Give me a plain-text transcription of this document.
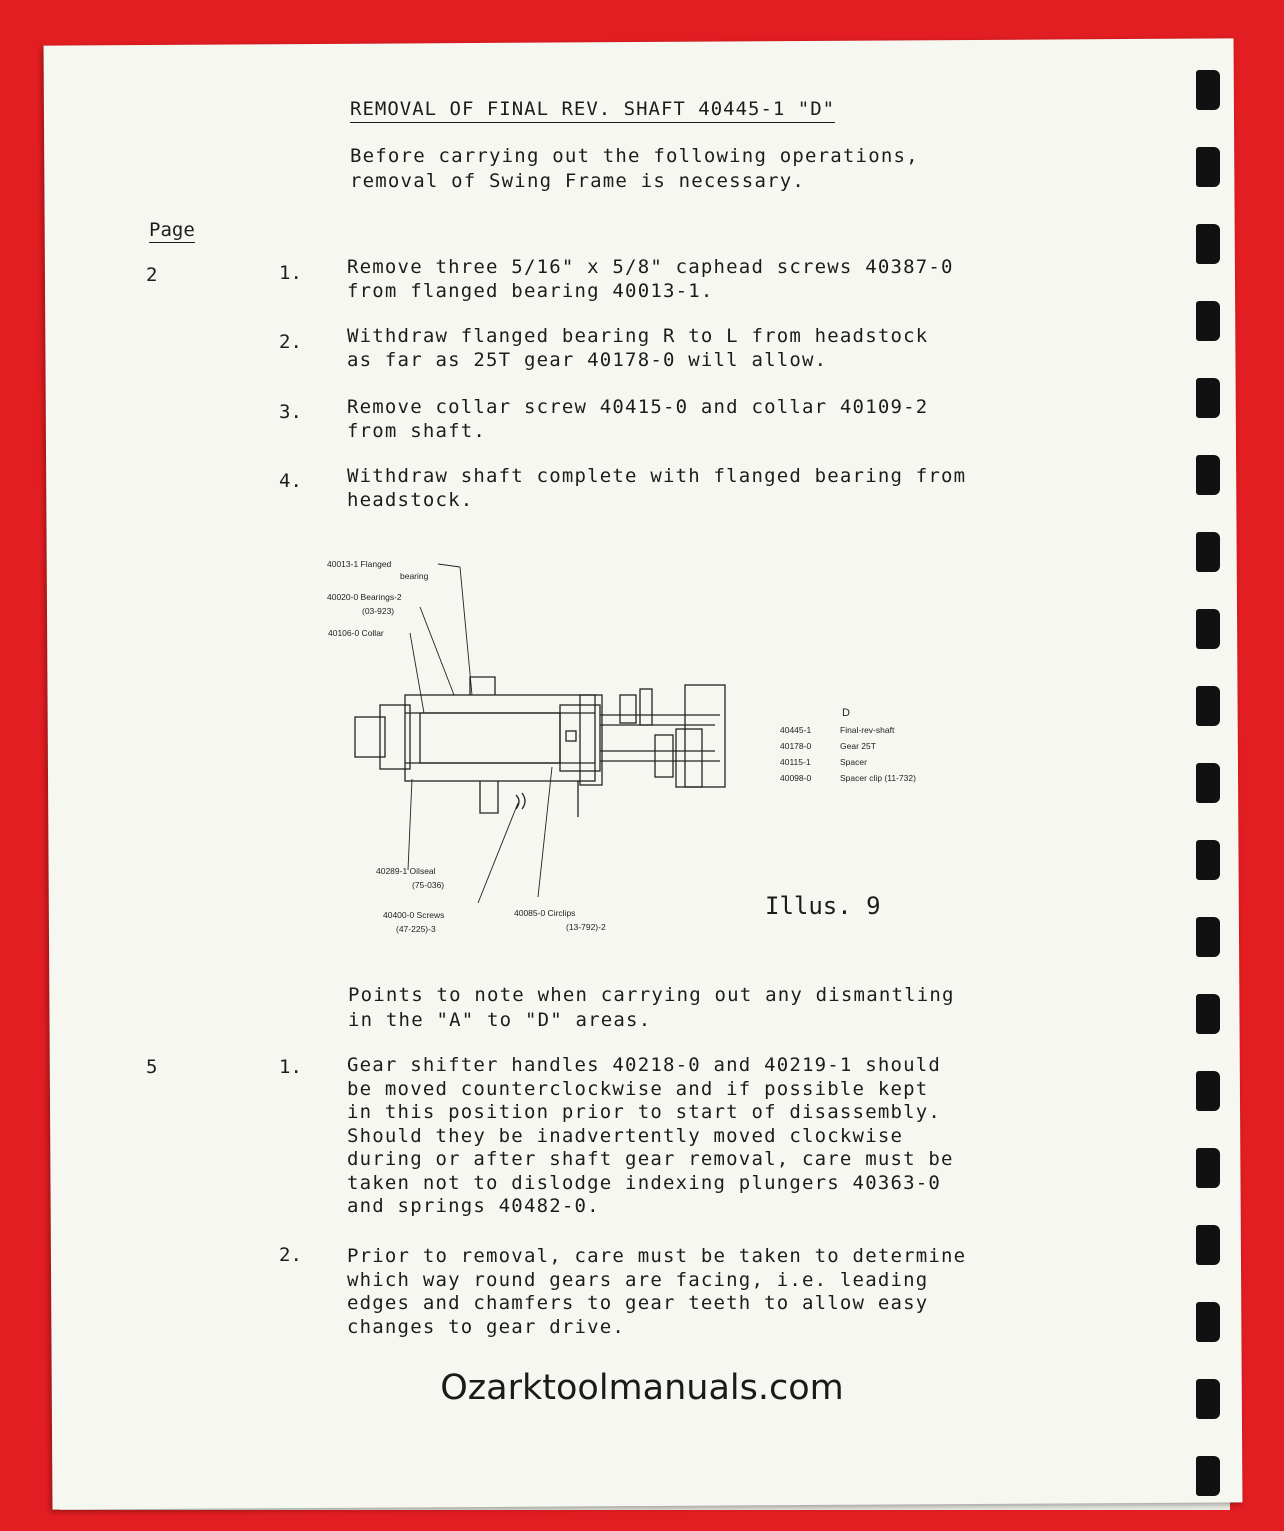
REMOVAL OF FINAL REV. SHAFT 40445-1 "D"
Before carrying out the following operations,
removal of Swing Frame is necessary.
Page
2	1. Remove three 5/16" x 5/8" caphead screws 40387-0
from flanged bearing 40013-1.
2. Withdraw flanged bearing R to L from headstock
as far as 25T gear 40178-0 will allow.
3. Remove collar screw 40415-0 and collar 40109-2
from shaft.
4. Withdraw shaft complete with flanged bearing from
headstock.
40013-1 Flanged
bearing
40020-0 Bearings-2
(03-923)
40106-0 Collar
40289-1 Oilseal
(75-036)
40400-0 Screws
(47-225)-3
40085-0 Circlips
(13-792)-2
D
40445-1	Final-rev-shaft
40178-0	Gear 25T
40115-1	Spacer
40098-0	Spacer clip (11-732)
Illus. 9
Points to note when carrying out any dismantling
in the "A" to "D" areas.
5	1. Gear shifter handles 40218-0 and 40219-1 should
be moved counterclockwise and if possible kept
in this position prior to start of disassembly.
Should they be inadvertently moved clockwise
during or after shaft gear removal, care must be
taken not to dislodge indexing plungers 40363-0
and springs 40482-0.
2. Prior to removal, care must be taken to determine
which way round gears are facing, i.e. leading
edges and chamfers to gear teeth to allow easy
changes to gear drive.
Ozarktoolmanuals.com
